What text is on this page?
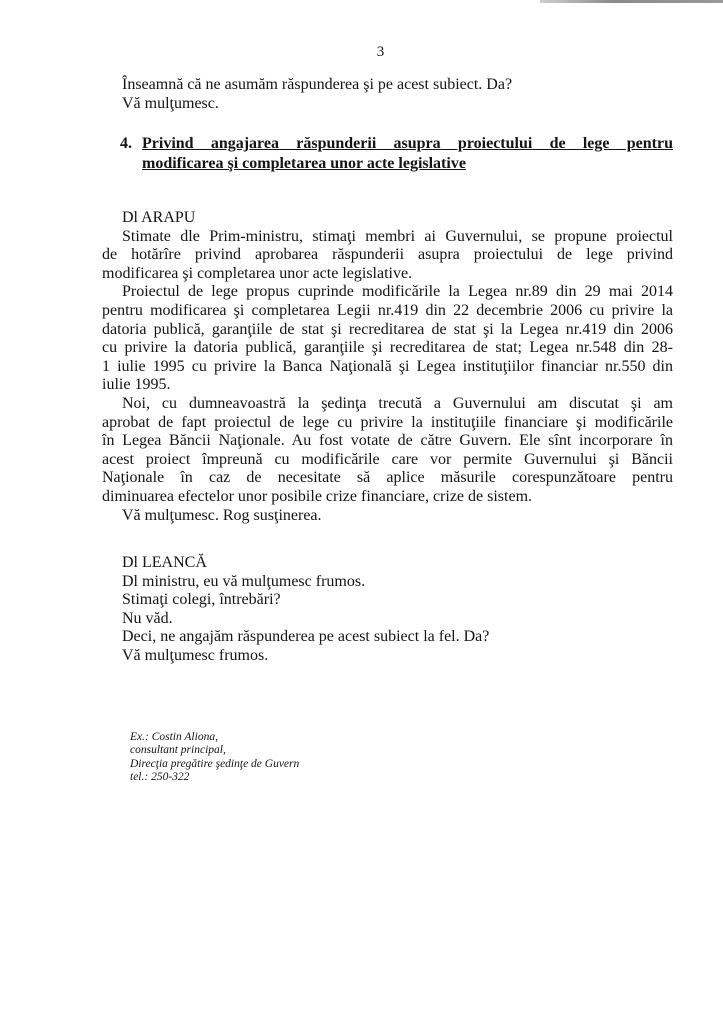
3
Înseamnă că ne asumăm răspunderea şi pe acest subiect. Da?
Vă mulţumesc.
4. Privind angajarea răspunderii asupra proiectului de lege pentru
modificarea şi completarea unor acte legislative
Dl ARAPU
Stimate dle Prim-ministru, stimaţi membri ai Guvernului, se propune proiectul
de hotărîre privind aprobarea răspunderii asupra proiectului de lege privind
modificarea şi completarea unor acte legislative.
Proiectul de lege propus cuprinde modificările la Legea nr.89 din 29 mai 2014
pentru modificarea şi completarea Legii nr.419 din 22 decembrie 2006 cu privire la
datoria publică, garanţiile de stat şi recreditarea de stat şi la Legea nr.419 din 2006
cu privire la datoria publică, garanţiile şi recreditarea de stat; Legea nr.548 din 28-
1 iulie 1995 cu privire la Banca Naţională şi Legea instituţiilor financiar nr.550 din
iulie 1995.
Noi, cu dumneavoastră la şedinţa trecută a Guvernului am discutat şi am
aprobat de fapt proiectul de lege cu privire la instituţiile financiare şi modificările
în Legea Băncii Naţionale. Au fost votate de către Guvern. Ele sînt incorporare în
acest proiect împreună cu modificările care vor permite Guvernului şi Băncii
Naţionale în caz de necesitate să aplice măsurile corespunzătoare pentru
diminuarea efectelor unor posibile crize financiare, crize de sistem.
Vă mulţumesc. Rog susţinerea.
Dl LEANCĂ
Dl ministru, eu vă mulţumesc frumos.
Stimaţi colegi, întrebări?
Nu văd.
Deci, ne angajăm răspunderea pe acest subiect la fel. Da?
Vă mulţumesc frumos.
Ex.: Costin Aliona,
consultant principal,
Direcţia pregătire şedinţe de Guvern
tel.: 250-322
